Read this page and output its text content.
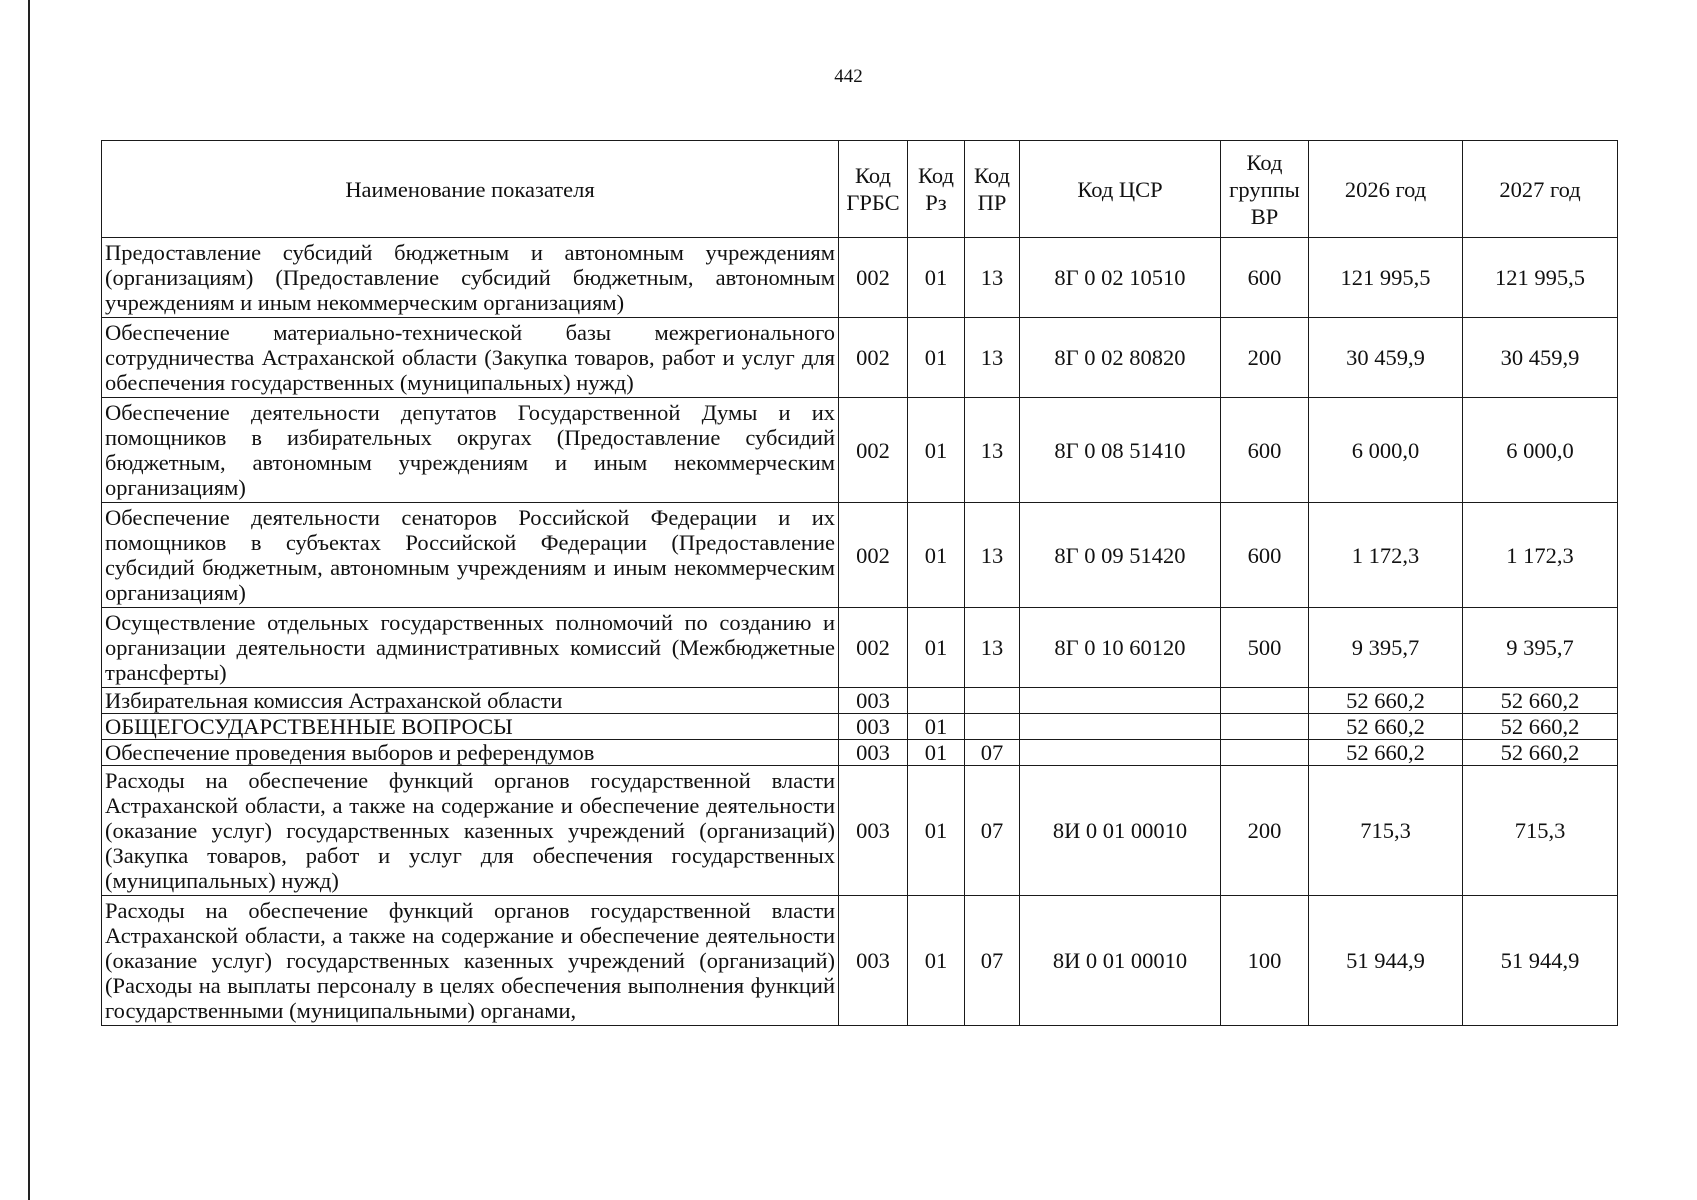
442
Наименование показателя	Код ГРБС	Код Рз	Код ПР	Код ЦСР	Код группы ВР	2026 год	2027 год
Предоставление субсидий бюджетным и автономным учреждениям (организациям) (Предоставление субсидий бюджетным, автономным учреждениям и иным некоммерческим организациям)	002	01	13	8Г 0 02 10510	600	121 995,5	121 995,5
Обеспечение материально-технической базы межрегионального сотрудничества Астраханской области (Закупка товаров, работ и услуг для обеспечения государственных (муниципальных) нужд)	002	01	13	8Г 0 02 80820	200	30 459,9	30 459,9
Обеспечение деятельности депутатов Государственной Думы и их помощников в избирательных округах (Предоставление субсидий бюджетным, автономным учреждениям и иным некоммерческим организациям)	002	01	13	8Г 0 08 51410	600	6 000,0	6 000,0
Обеспечение деятельности сенаторов Российской Федерации и их помощников в субъектах Российской Федерации (Предоставление субсидий бюджетным, автономным учреждениям и иным некоммерческим организациям)	002	01	13	8Г 0 09 51420	600	1 172,3	1 172,3
Осуществление отдельных государственных полномочий по созданию и организации деятельности административных комиссий (Межбюджетные трансферты)	002	01	13	8Г 0 10 60120	500	9 395,7	9 395,7
Избирательная комиссия Астраханской области	003					52 660,2	52 660,2
ОБЩЕГОСУДАРСТВЕННЫЕ ВОПРОСЫ	003	01				52 660,2	52 660,2
Обеспечение проведения выборов и референдумов	003	01	07			52 660,2	52 660,2
Расходы на обеспечение функций органов государственной власти Астраханской области, а также на содержание и обеспечение деятельности (оказание услуг) государственных казенных учреждений (организаций) (Закупка товаров, работ и услуг для обеспечения государственных (муниципальных) нужд)	003	01	07	8И 0 01 00010	200	715,3	715,3
Расходы на обеспечение функций органов государственной власти Астраханской области, а также на содержание и обеспечение деятельности (оказание услуг) государственных казенных учреждений (организаций) (Расходы на выплаты персоналу в целях обеспечения выполнения функций государственными (муниципальными) органами,	003	01	07	8И 0 01 00010	100	51 944,9	51 944,9
